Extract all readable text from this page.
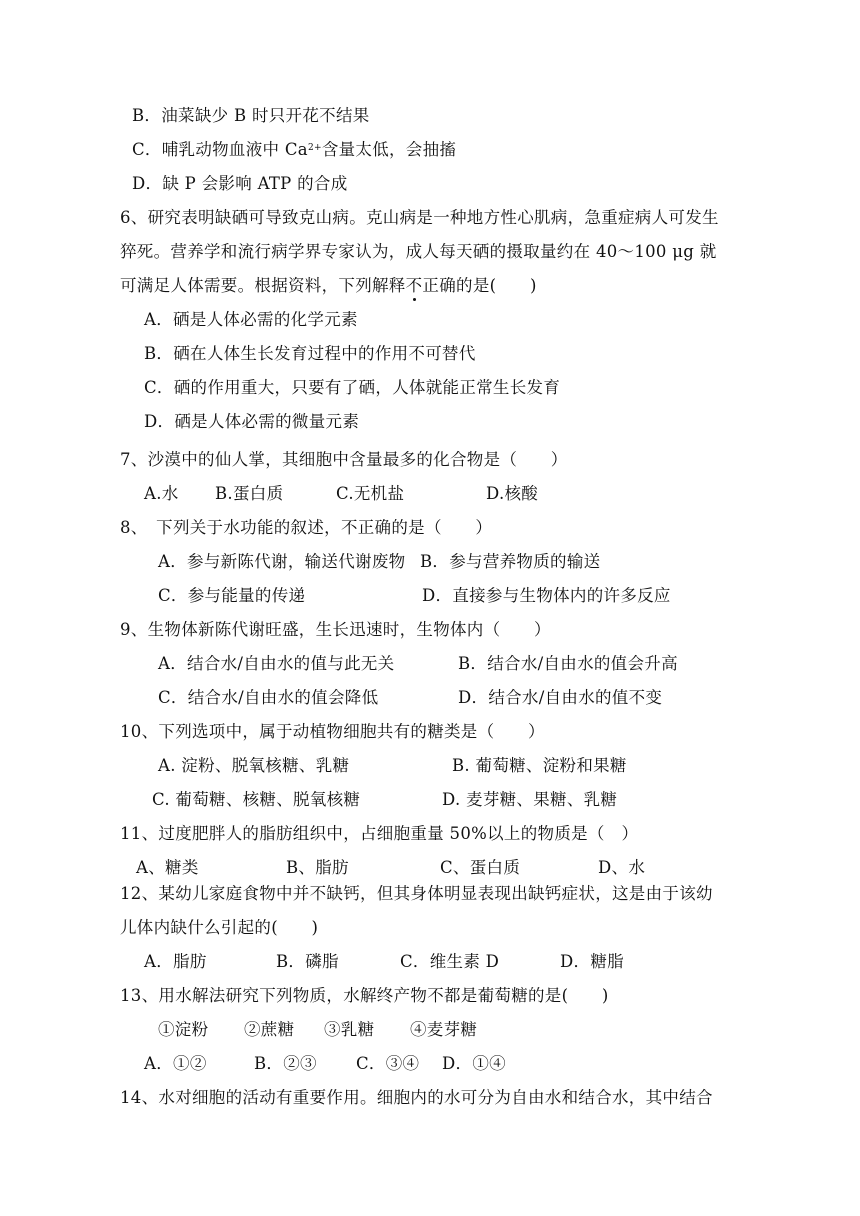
B．油菜缺少 B 时只开花不结果
C．哺乳动物血液中 $Ca^{2+}$含量太低，会抽搐
D．缺 P 会影响 ATP 的合成
6、研究表明缺硒可导致克山病。克山病是一种地方性心肌病，急重症病人可发生
猝死。营养学和流行病学界专家认为，成人每天硒的摄取量约在 40～100 μg 就
可满足人体需要。根据资料，下列解释不正确的是(　　)
A．硒是人体必需的化学元素
B．硒在人体生长发育过程中的作用不可替代
C．硒的作用重大，只要有了硒，人体就能正常生长发育
D．硒是人体必需的微量元素
7、沙漠中的仙人掌，其细胞中含量最多的化合物是（　　）
A.水 B.蛋白质	C.无机盐	D.核酸
8、　下列关于水功能的叙述，不正确的是（　　）
A．参与新陈代谢，输送代谢废物 B．参与营养物质的输送
C．参与能量的传递	D．直接参与生物体内的许多反应
9、生物体新陈代谢旺盛，生长迅速时，生物体内（　　）
A．结合水/自由水的值与此无关	B．结合水/自由水的值会升高
C．结合水/自由水的值会降低	D．结合水/自由水的值不变
10、下列选项中，属于动植物细胞共有的糖类是（　　）
A. 淀粉、脱氧核糖、乳糖	B. 葡萄糖、淀粉和果糖
C. 葡萄糖、核糖、脱氧核糖	D. 麦芽糖、果糖、乳糖
11、过度肥胖人的脂肪组织中，占细胞重量 50%以上的物质是（　）
A、糖类	B、脂肪	C、蛋白质	D、水
12、某幼儿家庭食物中并不缺钙，但其身体明显表现出缺钙症状，这是由于该幼
儿体内缺什么引起的(　　)
A．脂肪	B．磷脂	C．维生素 D	D．糖脂
13、用水解法研究下列物质，水解终产物不都是葡萄糖的是(　　)
①淀粉 ②蔗糖 ③乳糖 ④麦芽糖
A．①②	B．②③ C．③④ D．①④
14、水对细胞的活动有重要作用。细胞内的水可分为自由水和结合水，其中结合
